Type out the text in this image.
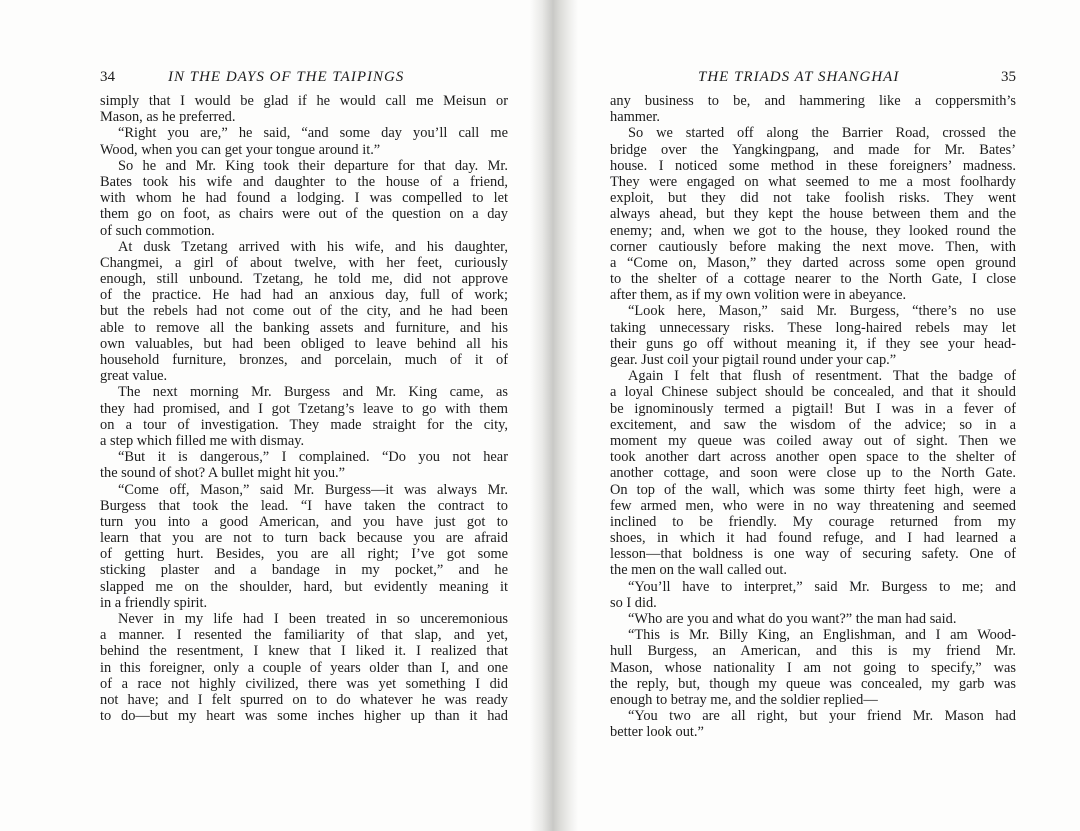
34	IN THE DAYS OF THE TAIPINGS
simply that I would be glad if he would call me Meisun or
Mason, as he preferred.
“Right you are,” he said, “and some day you’ll call me
Wood, when you can get your tongue around it.”
So he and Mr. King took their departure for that day. Mr.
Bates took his wife and daughter to the house of a friend,
with whom he had found a lodging. I was compelled to let
them go on foot, as chairs were out of the question on a day
of such commotion.
At dusk Tzetang arrived with his wife, and his daughter,
Changmei, a girl of about twelve, with her feet, curiously
enough, still unbound. Tzetang, he told me, did not approve
of the practice. He had had an anxious day, full of work;
but the rebels had not come out of the city, and he had been
able to remove all the banking assets and furniture, and his
own valuables, but had been obliged to leave behind all his
household furniture, bronzes, and porcelain, much of it of
great value.
The next morning Mr. Burgess and Mr. King came, as
they had promised, and I got Tzetang’s leave to go with them
on a tour of investigation. They made straight for the city,
a step which filled me with dismay.
“But it is dangerous,” I complained. “Do you not hear
the sound of shot? A bullet might hit you.”
“Come off, Mason,” said Mr. Burgess—it was always Mr.
Burgess that took the lead. “I have taken the contract to
turn you into a good American, and you have just got to
learn that you are not to turn back because you are afraid
of getting hurt. Besides, you are all right; I’ve got some
sticking plaster and a bandage in my pocket,” and he
slapped me on the shoulder, hard, but evidently meaning it
in a friendly spirit.
Never in my life had I been treated in so unceremonious
a manner. I resented the familiarity of that slap, and yet,
behind the resentment, I knew that I liked it. I realized that
in this foreigner, only a couple of years older than I, and one
of a race not highly civilized, there was yet something I did
not have; and I felt spurred on to do whatever he was ready
to do—but my heart was some inches higher up than it had
THE TRIADS AT SHANGHAI	35
any business to be, and hammering like a coppersmith’s
hammer.
So we started off along the Barrier Road, crossed the
bridge over the Yangkingpang, and made for Mr. Bates’
house. I noticed some method in these foreigners’ madness.
They were engaged on what seemed to me a most foolhardy
exploit, but they did not take foolish risks. They went
always ahead, but they kept the house between them and the
enemy; and, when we got to the house, they looked round the
corner cautiously before making the next move. Then, with
a “Come on, Mason,” they darted across some open ground
to the shelter of a cottage nearer to the North Gate, I close
after them, as if my own volition were in abeyance.
“Look here, Mason,” said Mr. Burgess, “there’s no use
taking unnecessary risks. These long-haired rebels may let
their guns go off without meaning it, if they see your head-
gear. Just coil your pigtail round under your cap.”
Again I felt that flush of resentment. That the badge of
a loyal Chinese subject should be concealed, and that it should
be ignominously termed a pigtail! But I was in a fever of
excitement, and saw the wisdom of the advice; so in a
moment my queue was coiled away out of sight. Then we
took another dart across another open space to the shelter of
another cottage, and soon were close up to the North Gate.
On top of the wall, which was some thirty feet high, were a
few armed men, who were in no way threatening and seemed
inclined to be friendly. My courage returned from my
shoes, in which it had found refuge, and I had learned a
lesson—that boldness is one way of securing safety. One of
the men on the wall called out.
“You’ll have to interpret,” said Mr. Burgess to me; and
so I did.
“Who are you and what do you want?” the man had said.
“This is Mr. Billy King, an Englishman, and I am Wood-
hull Burgess, an American, and this is my friend Mr.
Mason, whose nationality I am not going to specify,” was
the reply, but, though my queue was concealed, my garb was
enough to betray me, and the soldier replied—
“You two are all right, but your friend Mr. Mason had
better look out.”
